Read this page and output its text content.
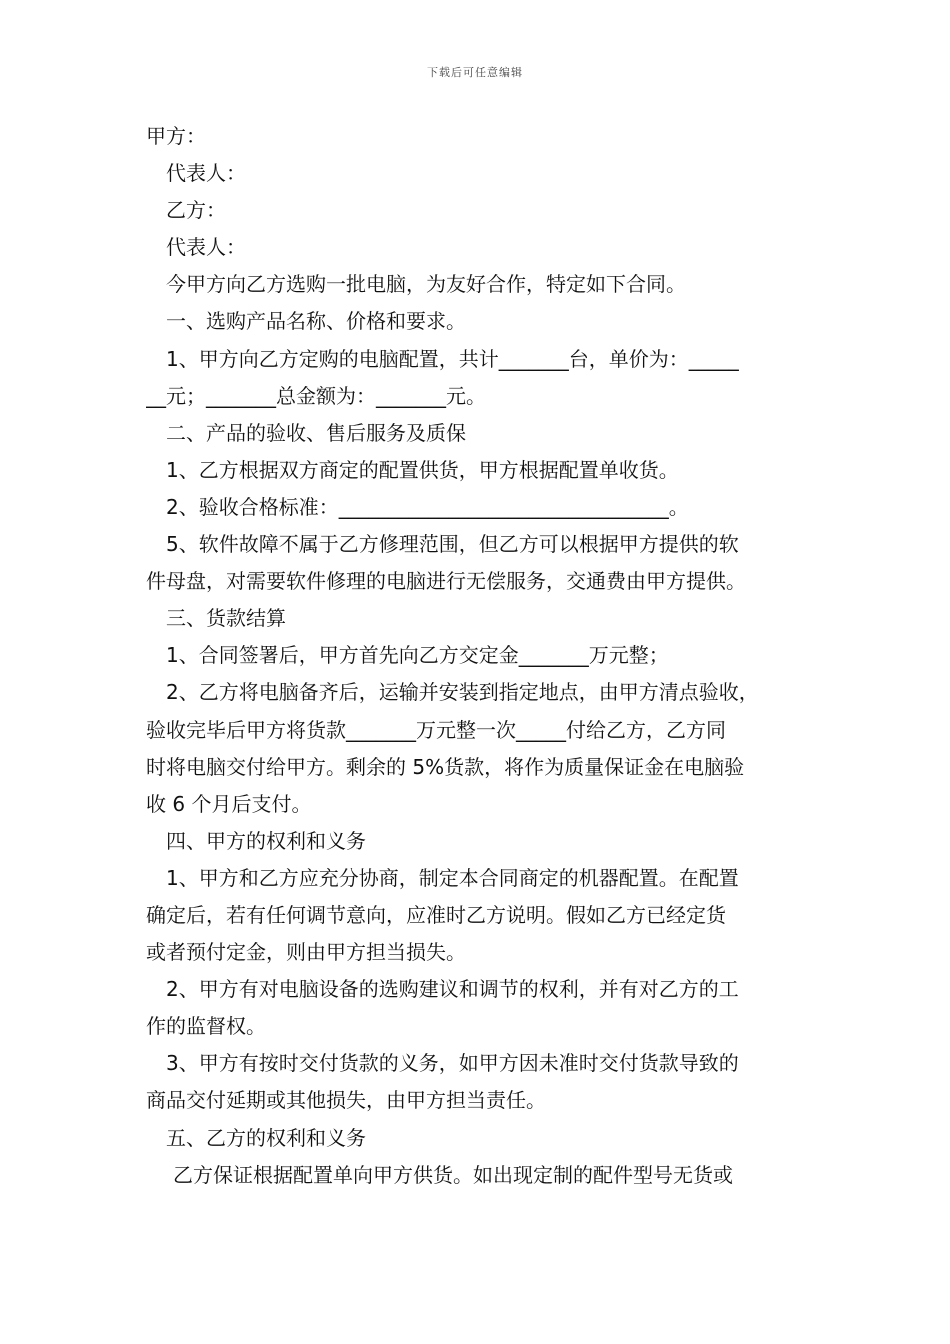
下载后可任意编辑
甲方：
代表人：
乙方：
代表人：
今甲方向乙方选购一批电脑，为友好合作，特定如下合同。
一、选购产品名称、价格和要求。
1、甲方向乙方定购的电脑配置，共计_______台，单价为：_____
__元；_______总金额为：_______元。
二、产品的验收、售后服务及质保
1、乙方根据双方商定的配置供货，甲方根据配置单收货。
2、验收合格标准：_________________________________。
5、软件故障不属于乙方修理范围，但乙方可以根据甲方提供的软
件母盘，对需要软件修理的电脑进行无偿服务，交通费由甲方提供。
三、货款结算
1、合同签署后，甲方首先向乙方交定金_______万元整；
2、乙方将电脑备齐后，运输并安装到指定地点，由甲方清点验收，
验收完毕后甲方将货款_______万元整一次_____付给乙方，乙方同
时将电脑交付给甲方。剩余的 5%货款，将作为质量保证金在电脑验
收 6 个月后支付。
四、甲方的权利和义务
1、甲方和乙方应充分协商，制定本合同商定的机器配置。在配置
确定后，若有任何调节意向，应准时乙方说明。假如乙方已经定货
或者预付定金，则由甲方担当损失。
2、甲方有对电脑设备的选购建议和调节的权利，并有对乙方的工
作的监督权。
3、甲方有按时交付货款的义务，如甲方因未准时交付货款导致的
商品交付延期或其他损失，由甲方担当责任。
五、乙方的权利和义务
乙方保证根据配置单向甲方供货。如出现定制的配件型号无货或
